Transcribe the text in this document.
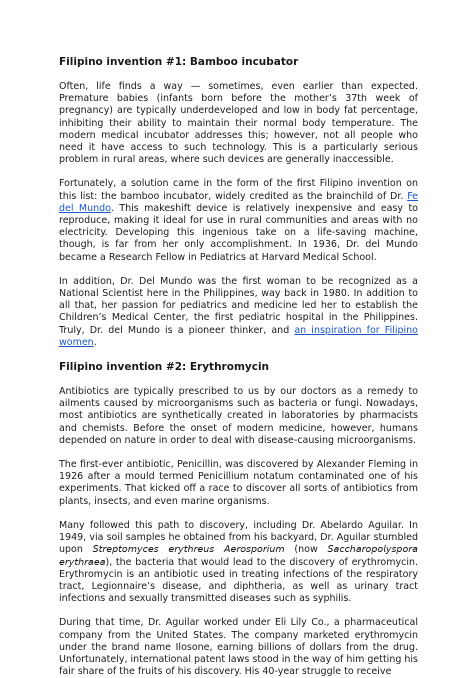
Filipino invention #1: Bamboo incubator

Often, life finds a way — sometimes, even earlier than expected. Premature babies (infants born before the mother’s 37th week of pregnancy) are typically underdeveloped and low in body fat percentage, inhibiting their ability to maintain their normal body temperature. The modern medical incubator addresses this; however, not all people who need it have access to such technology. This is a particularly serious problem in rural areas, where such devices are generally inaccessible.

Fortunately, a solution came in the form of the first Filipino invention on this list: the bamboo incubator, widely credited as the brainchild of Dr. Fe del Mundo. This makeshift device is relatively inexpensive and easy to reproduce, making it ideal for use in rural communities and areas with no electricity. Developing this ingenious take on a life-saving machine, though, is far from her only accomplishment. In 1936, Dr. del Mundo became a Research Fellow in Pediatrics at Harvard Medical School.

In addition, Dr. Del Mundo was the first woman to be recognized as a National Scientist here in the Philippines, way back in 1980. In addition to all that, her passion for pediatrics and medicine led her to establish the Children’s Medical Center, the first pediatric hospital in the Philippines. Truly, Dr. del Mundo is a pioneer thinker, and an inspiration for Filipino women.

Filipino invention #2: Erythromycin

Antibiotics are typically prescribed to us by our doctors as a remedy to ailments caused by microorganisms such as bacteria or fungi. Nowadays, most antibiotics are synthetically created in laboratories by pharmacists and chemists. Before the onset of modern medicine, however, humans depended on nature in order to deal with disease-causing microorganisms.

The first-ever antibiotic, Penicillin, was discovered by Alexander Fleming in 1926 after a mould termed Penicillium notatum contaminated one of his experiments. That kicked off a race to discover all sorts of antibiotics from plants, insects, and even marine organisms.

Many followed this path to discovery, including Dr. Abelardo Aguilar. In 1949, via soil samples he obtained from his backyard, Dr. Aguilar stumbled upon 𝘚𝘵𝘳𝘦𝘱𝘵𝘰𝘮𝘺𝘤𝘦𝘴 𝘦𝘳𝘺𝘵𝘩𝘳𝘦𝘶𝘴 𝘈𝘦𝘳𝘰𝘴𝘱𝘰𝘳𝘪𝘶𝘮 (now 𝘚𝘢𝘤𝘤𝘩𝘢𝘳𝘰𝘱𝘰𝘭𝘺𝘴𝘱𝘰𝘳𝘢 𝘦𝘳𝘺𝘵𝘩𝘳𝘢𝘦𝘢), the bacteria that would lead to the discovery of erythromycin. Erythromycin is an antibiotic used in treating infections of the respiratory tract, Legionnaire’s disease, and diphtheria, as well as urinary tract infections and sexually transmitted diseases such as syphilis.

During that time, Dr. Aguilar worked under Eli Lily Co., a pharmaceutical company from the United States. The company marketed erythromycin under the brand name Ilosone, earning billions of dollars from the drug. Unfortunately, international patent laws stood in the way of him getting his fair share of the fruits of his discovery. His 40-year struggle to receive
